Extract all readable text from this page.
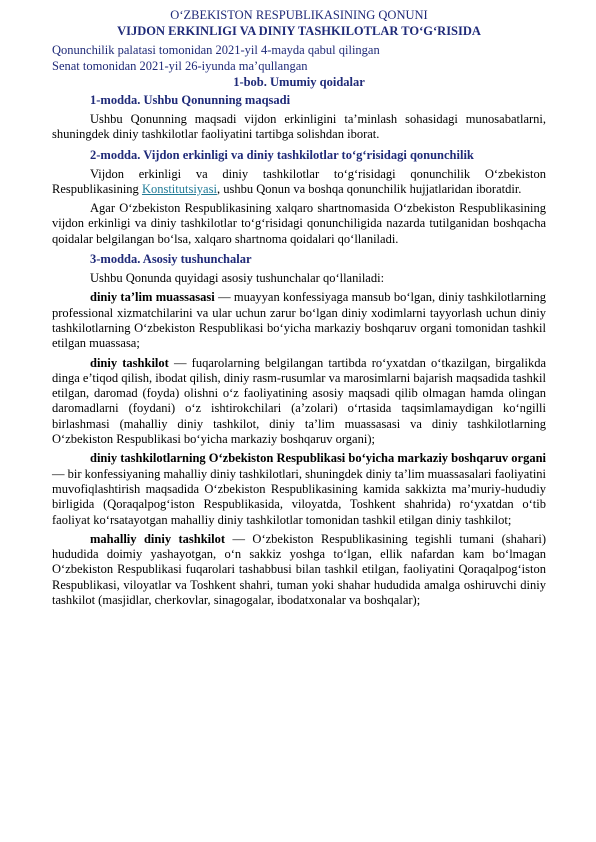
O‘ZBEKISTON RESPUBLIKASINING QONUNI
VIJDON ERKINLIGI VA DINIY TASHKILOTLAR TO‘G‘RISIDA
Qonunchilik palatasi tomonidan 2021-yil 4-mayda qabul qilingan
Senat tomonidan 2021-yil 26-iyunda ma’qullangan
1-bob. Umumiy qoidalar
1-modda. Ushbu Qonunning maqsadi

Ushbu Qonunning maqsadi vijdon erkinligini ta’minlash sohasidagi munosabatlarni, shuningdek diniy tashkilotlar faoliyatini tartibga solishdan iborat.

2-modda. Vijdon erkinligi va diniy tashkilotlar to‘g‘risidagi qonunchilik

Vijdon erkinligi va diniy tashkilotlar to‘g‘risidagi qonunchilik O‘zbekiston Respublikasining Konstitutsiyasi, ushbu Qonun va boshqa qonunchilik hujjatlaridan iboratdir.

Agar O‘zbekiston Respublikasining xalqaro shartnomasida O‘zbekiston Respublikasining vijdon erkinligi va diniy tashkilotlar to‘g‘risidagi qonunchiligida nazarda tutilganidan boshqacha qoidalar belgilangan bo‘lsa, xalqaro shartnoma qoidalari qo‘llaniladi.

3-modda. Asosiy tushunchalar

Ushbu Qonunda quyidagi asosiy tushunchalar qo‘llaniladi:

diniy ta’lim muassasasi — muayyan konfessiyaga mansub bo‘lgan, diniy tashkilotlarning professional xizmatchilarini va ular uchun zarur bo‘lgan diniy xodimlarni tayyorlash uchun diniy tashkilotlarning O‘zbekiston Respublikasi bo‘yicha markaziy boshqaruv organi tomonidan tashkil etilgan muassasa;

diniy tashkilot — fuqarolarning belgilangan tartibda ro‘yxatdan o‘tkazilgan, birgalikda dinga e’tiqod qilish, ibodat qilish, diniy rasm-rusumlar va marosimlarni bajarish maqsadida tashkil etilgan, daromad (foyda) olishni o‘z faoliyatining asosiy maqsadi qilib olmagan hamda olingan daromadlarni (foydani) o‘z ishtirokchilari (a’zolari) o‘rtasida taqsimlamaydigan ko‘ngilli birlashmasi (mahalliy diniy tashkilot, diniy ta’lim muassasasi va diniy tashkilotlarning O‘zbekiston Respublikasi bo‘yicha markaziy boshqaruv organi);

diniy tashkilotlarning O‘zbekiston Respublikasi bo‘yicha markaziy boshqaruv organi — bir konfessiyaning mahalliy diniy tashkilotlari, shuningdek diniy ta’lim muassasalari faoliyatini muvofiqlashtirish maqsadida O‘zbekiston Respublikasining kamida sakkizta ma’muriy-hududiy birligida (Qoraqalpog‘iston Respublikasida, viloyatda, Toshkent shahrida) ro‘yxatdan o‘tib faoliyat ko‘rsatayotgan mahalliy diniy tashkilotlar tomonidan tashkil etilgan diniy tashkilot;

mahalliy diniy tashkilot — O‘zbekiston Respublikasining tegishli tumani (shahari) hududida doimiy yashayotgan, o‘n sakkiz yoshga to‘lgan, ellik nafardan kam bo‘lmagan O‘zbekiston Respublikasi fuqarolari tashabbusi bilan tashkil etilgan, faoliyatini Qoraqalpog‘iston Respublikasi, viloyatlar va Toshkent shahri, tuman yoki shahar hududida amalga oshiruvchi diniy tashkilot (masjidlar, cherkovlar, sinagogalar, ibodatxonalar va boshqalar);
